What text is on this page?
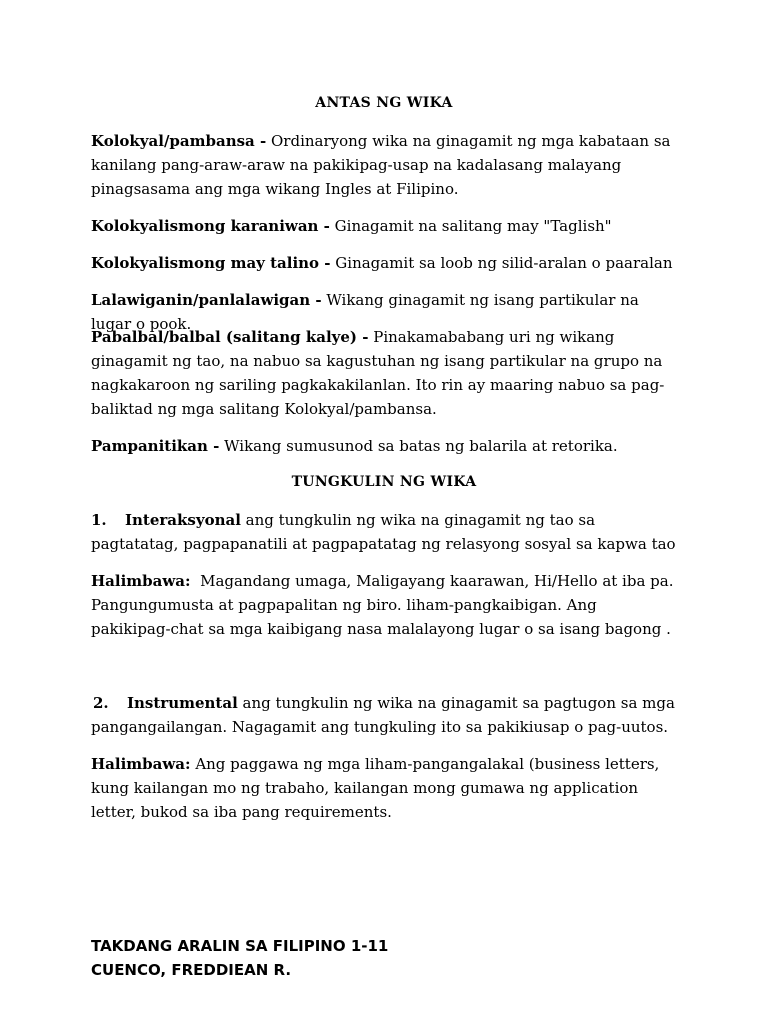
ANTAS NG WIKA
Kolokyal/pambansa - Ordinaryong wika na ginagamit ng mga kabataan sa kanilang pang-araw-araw na pakikipag-usap na kadalasang malayang pinagsasama ang mga wikang Ingles at Filipino.
Kolokyalismong karaniwan - Ginagamit na salitang may "Taglish"
Kolokyalismong may talino - Ginagamit sa loob ng silid-aralan o paaralan
Lalawiganin/panlalawigan - Wikang ginagamit ng isang partikular na lugar o pook.
Pabalbal/balbal (salitang kalye) - Pinakamababang uri ng wikang ginagamit ng tao, na nabuo sa kagustuhan ng isang partikular na grupo na nagkakaroon ng sariling pagkakakilanlan. Ito rin ay maaring nabuo sa pag-baliktad ng mga salitang Kolokyal/pambansa.
Pampanitikan - Wikang sumusunod sa batas ng balarila at retorika.
TUNGKULIN NG WIKA
1. Interaksyonal ang tungkulin ng wika na ginagamit ng tao sa pagtatatag, pagpapanatili at pagpapatatag ng relasyong sosyal sa kapwa tao
Halimbawa:  Magandang umaga, Maligayang kaarawan, Hi/Hello at iba pa. Pangungumusta at pagpapalitan ng biro. liham-pangkaibigan. Ang pakikipag-chat sa mga kaibigang nasa malalayong lugar o sa isang bagong .
2. Instrumental ang tungkulin ng wika na ginagamit sa pagtugon sa mga pangangailangan. Nagagamit ang tungkuling ito sa pakikiusap o pag-uutos.
Halimbawa: Ang paggawa ng mga liham-pangangalakal (business letters, kung kailangan mo ng trabaho, kailangan mong gumawa ng application letter, bukod sa iba pang requirements.
TAKDANG ARALIN SA FILIPINO 1-11
CUENCO, FREDDIEAN R.
